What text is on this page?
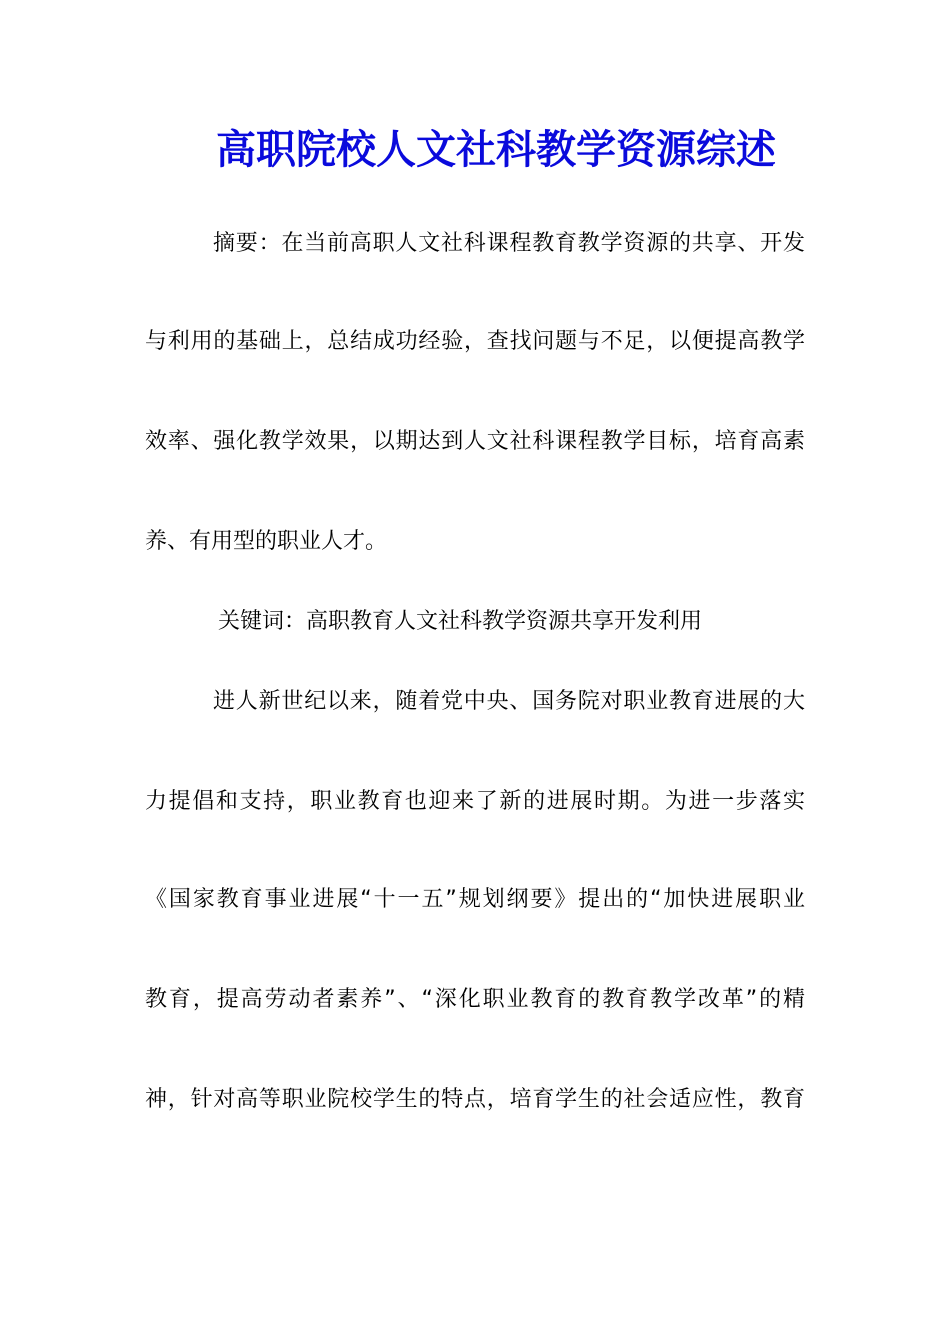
高职院校人文社科教学资源综述
摘要：在当前高职人文社科课程教育教学资源的共享、开发
与利用的基础上，总结成功经验，查找问题与不足，以便提高教学
效率、强化教学效果，以期达到人文社科课程教学目标，培育高素
养、有用型的职业人才。
关键词：高职教育人文社科教学资源共享开发利用
进人新世纪以来，随着党中央、国务院对职业教育进展的大
力提倡和支持，职业教育也迎来了新的进展时期。为进一步落实
《国家教育事业进展“十一五”规划纲要》提出的“加快进展职业
教育，提高劳动者素养”、“深化职业教育的教育教学改革”的精
神，针对高等职业院校学生的特点，培育学生的社会适应性，教育
